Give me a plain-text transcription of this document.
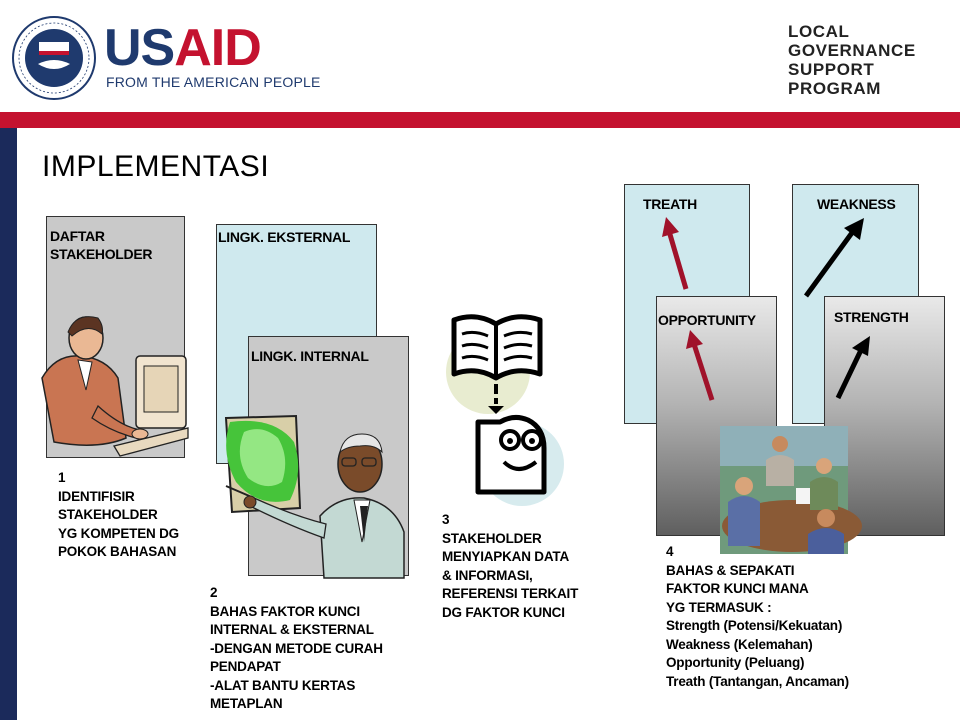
USAID
FROM THE AMERICAN PEOPLE
LOCAL
GOVERNANCE
SUPPORT
PROGRAM
IMPLEMENTASI
DAFTAR
STAKEHOLDER
1
IDENTIFISIR
STAKEHOLDER
YG KOMPETEN DG
POKOK BAHASAN
LINGK. EKSTERNAL
LINGK. INTERNAL
2
BAHAS FAKTOR KUNCI
INTERNAL & EKSTERNAL
-DENGAN METODE CURAH
PENDAPAT
-ALAT BANTU KERTAS
METAPLAN
3
STAKEHOLDER
MENYIAPKAN DATA
& INFORMASI,
REFERENSI TERKAIT
DG FAKTOR KUNCI
TREATH	WEAKNESS
OPPORTUNITY	STRENGTH
4
BAHAS & SEPAKATI
FAKTOR KUNCI MANA
YG TERMASUK :
Strength (Potensi/Kekuatan)
Weakness (Kelemahan)
Opportunity (Peluang)
Treath (Tantangan, Ancaman)
